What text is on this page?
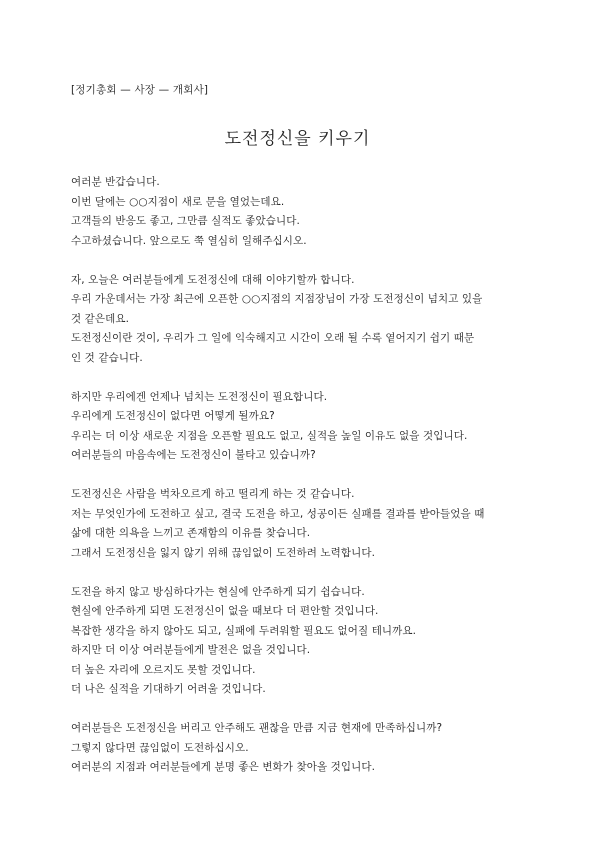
[정기총회 — 사장 — 개회사]
도전정신을 키우기
여러분 반갑습니다.
이번 달에는 ○○지점이 새로 문을 열었는데요.
고객들의 반응도 좋고, 그만큼 실적도 좋았습니다.
수고하셨습니다. 앞으로도 쭉 열심히 일해주십시오.
자, 오늘은 여러분들에게 도전정신에 대해 이야기할까 합니다.
우리 가운데서는 가장 최근에 오픈한 ○○지점의 지점장님이 가장 도전정신이 넘치고 있을
것 같은데요.
도전정신이란 것이, 우리가 그 일에 익숙해지고 시간이 오래 될 수록 옅어지기 쉽기 때문
인 것 같습니다.
하지만 우리에겐 언제나 넘치는 도전정신이 필요합니다.
우리에게 도전정신이 없다면 어떻게 될까요?
우리는 더 이상 새로운 지점을 오픈할 필요도 없고, 실적을 높일 이유도 없을 것입니다.
여러분들의 마음속에는 도전정신이 불타고 있습니까?
도전정신은 사람을 벅차오르게 하고 떨리게 하는 것 같습니다.
저는 무엇인가에 도전하고 싶고, 결국 도전을 하고, 성공이든 실패를 결과를 받아들었을 때
삶에 대한 의욕을 느끼고 존재함의 이유를 찾습니다.
그래서 도전정신을 잃지 않기 위해 끊임없이 도전하려 노력합니다.
도전을 하지 않고 방심하다가는 현실에 안주하게 되기 쉽습니다.
현실에 안주하게 되면 도전정신이 없을 때보다 더 편안할 것입니다.
복잡한 생각을 하지 않아도 되고, 실패에 두려워할 필요도 없어질 테니까요.
하지만 더 이상 여러분들에게 발전은 없을 것입니다.
더 높은 자리에 오르지도 못할 것입니다.
더 나은 실적을 기대하기 어려울 것입니다.
여러분들은 도전정신을 버리고 안주해도 괜찮을 만큼 지금 현재에 만족하십니까?
그렇지 않다면 끊임없이 도전하십시오.
여러분의 지점과 여러분들에게 분명 좋은 변화가 찾아올 것입니다.
